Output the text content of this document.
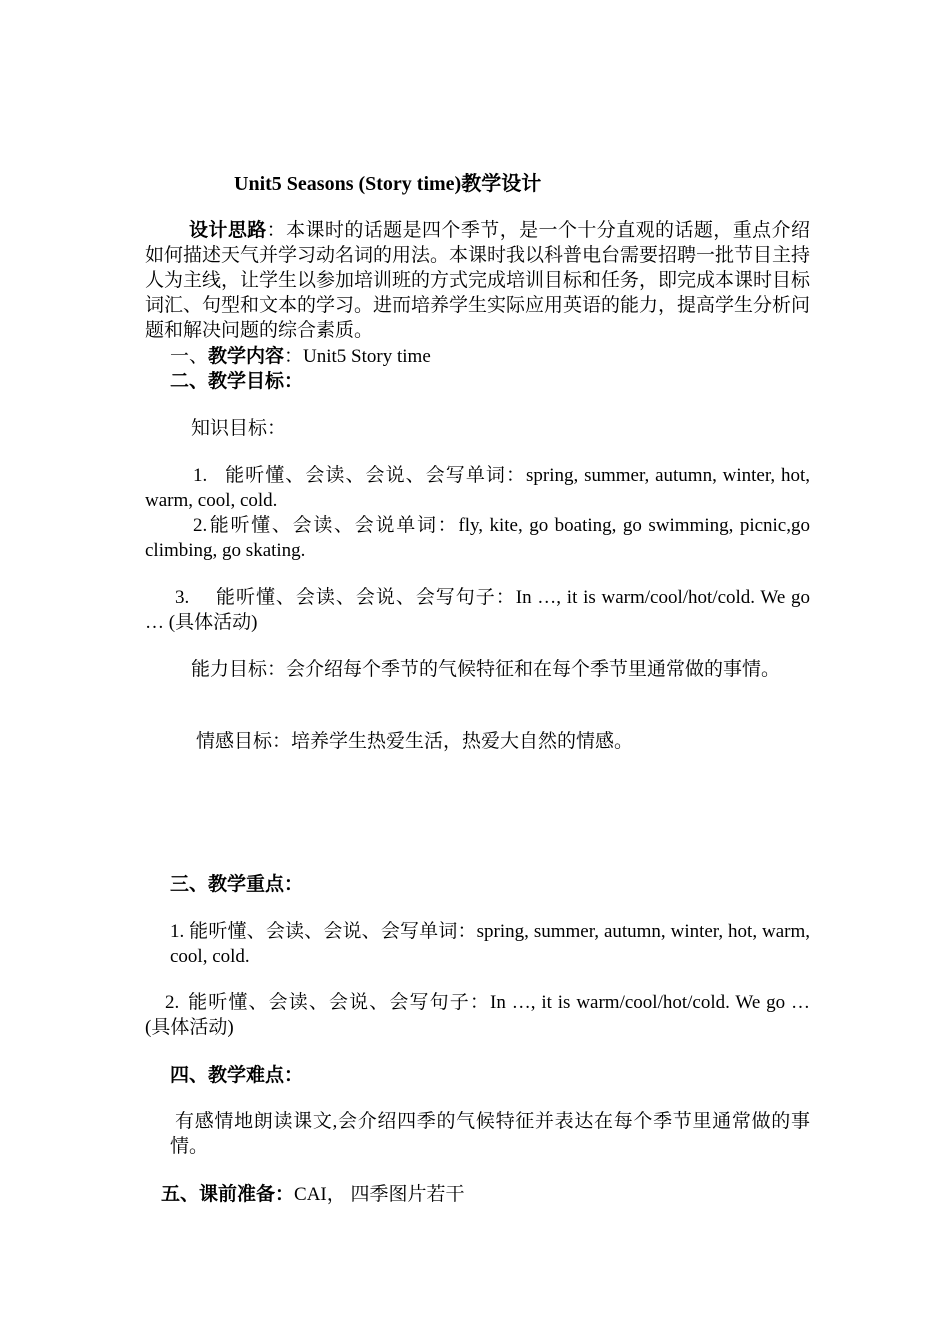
Unit5 Seasons (Story time)教学设计

设计思路：本课时的话题是四个季节，是一个十分直观的话题，重点介绍如何描述天气并学习动名词的用法。本课时我以科普电台需要招聘一批节目主持人为主线，让学生以参加培训班的方式完成培训目标和任务，即完成本课时目标词汇、句型和文本的学习。进而培养学生实际应用英语的能力，提高学生分析问题和解决问题的综合素质。

一、教学内容：Unit5 Story time

二、教学目标：

知识目标：

1. 能听懂、会读、会说、会写单词：spring, summer, autumn, winter, hot, warm, cool, cold.

2.能听懂、会读、会说单词：fly, kite, go boating, go swimming, picnic,go climbing, go skating.

3. 能听懂、会读、会说、会写句子：In …, it is warm/cool/hot/cold. We go … (具体活动)

能力目标：会介绍每个季节的气候特征和在每个季节里通常做的事情。

情感目标：培养学生热爱生活，热爱大自然的情感。

三、教学重点：

1. 能听懂、会读、会说、会写单词：spring, summer, autumn, winter, hot, warm, cool, cold.

2. 能听懂、会读、会说、会写句子：In …, it is warm/cool/hot/cold. We go … (具体活动)

四、教学难点：

有感情地朗读课文,会介绍四季的气候特征并表达在每个季节里通常做的事情。

五、课前准备：CAI， 四季图片若干
